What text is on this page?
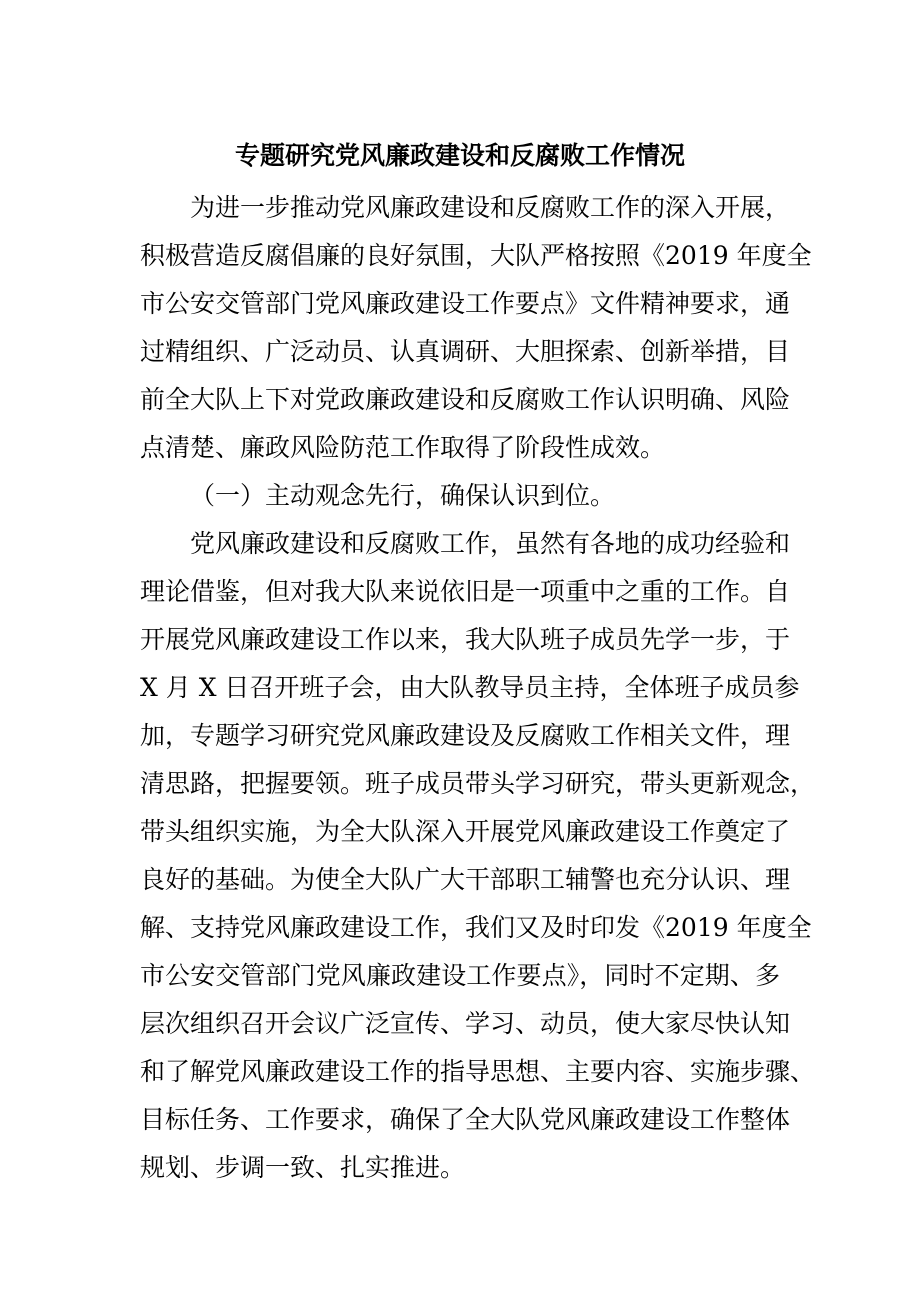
专题研究党风廉政建设和反腐败工作情况
为进一步推动党风廉政建设和反腐败工作的深入开展，
积极营造反腐倡廉的良好氛围，大队严格按照《2019 年度全
市公安交管部门党风廉政建设工作要点》文件精神要求，通
过精组织、广泛动员、认真调研、大胆探索、创新举措，目
前全大队上下对党政廉政建设和反腐败工作认识明确、风险
点清楚、廉政风险防范工作取得了阶段性成效。
（一）主动观念先行，确保认识到位。
党风廉政建设和反腐败工作，虽然有各地的成功经验和
理论借鉴，但对我大队来说依旧是一项重中之重的工作。自
开展党风廉政建设工作以来，我大队班子成员先学一步，于
X 月 X 日召开班子会，由大队教导员主持，全体班子成员参
加，专题学习研究党风廉政建设及反腐败工作相关文件，理
清思路，把握要领。班子成员带头学习研究，带头更新观念，
带头组织实施，为全大队深入开展党风廉政建设工作奠定了
良好的基础。为使全大队广大干部职工辅警也充分认识、理
解、支持党风廉政建设工作，我们又及时印发《2019 年度全
市公安交管部门党风廉政建设工作要点》，同时不定期、多
层次组织召开会议广泛宣传、学习、动员，使大家尽快认知
和了解党风廉政建设工作的指导思想、主要内容、实施步骤、
目标任务、工作要求，确保了全大队党风廉政建设工作整体
规划、步调一致、扎实推进。
